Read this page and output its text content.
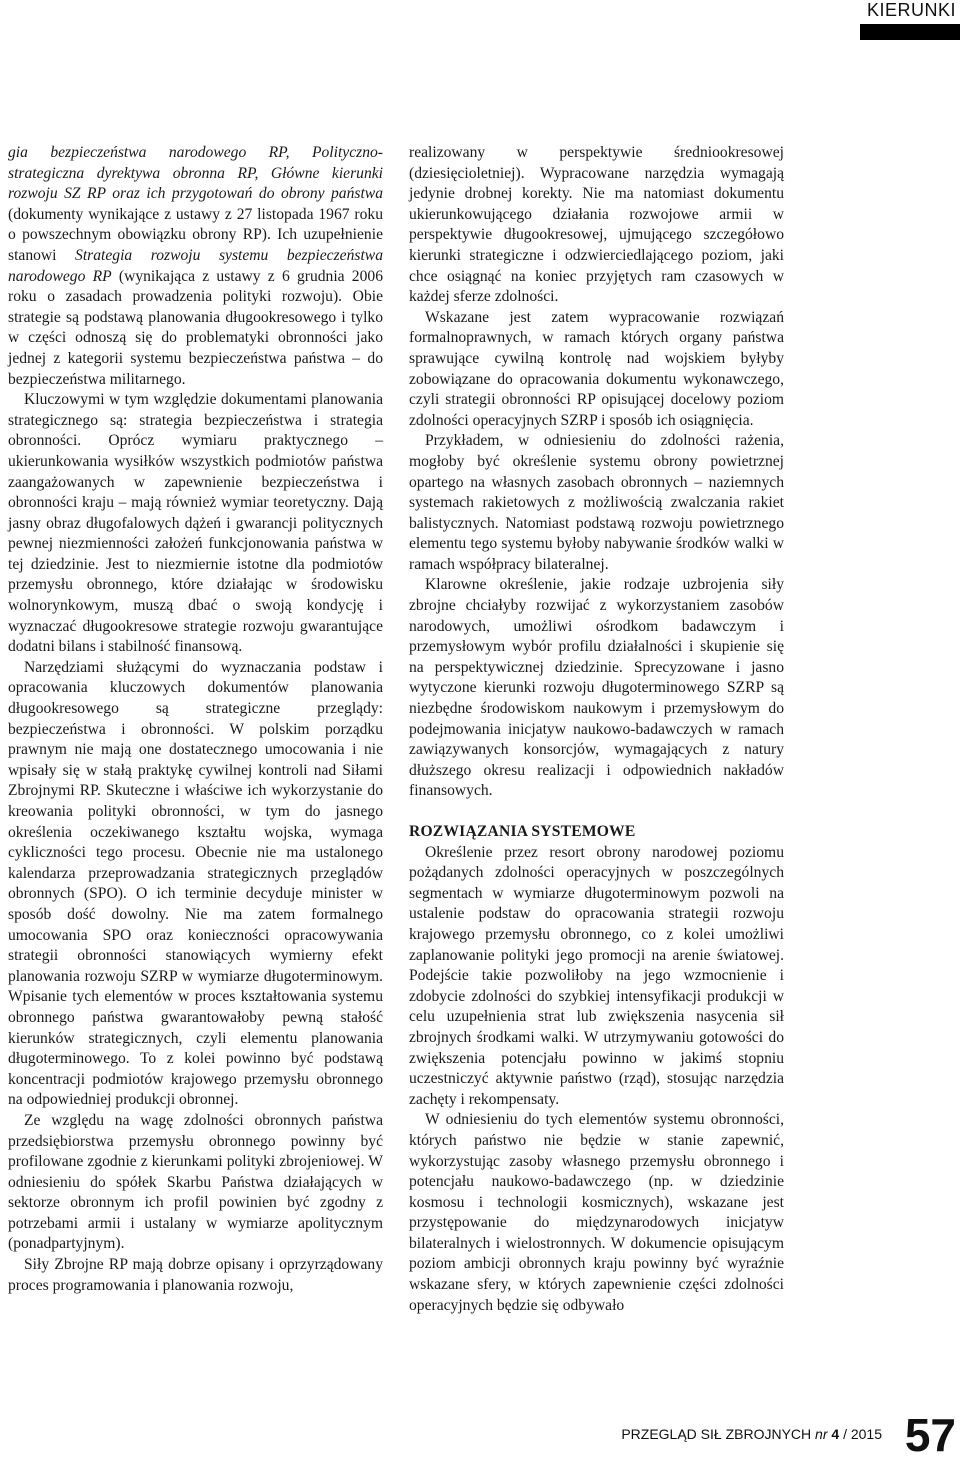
KIERUNKI

gia bezpieczeństwa narodowego RP, Polityczno-strategiczna dyrektywa obronna RP, Główne kierunki rozwoju SZ RP oraz ich przygotowań do obrony państwa (dokumenty wynikające z ustawy z 27 listopada 1967 roku o powszechnym obowiązku obrony RP). Ich uzupełnienie stanowi Strategia rozwoju systemu bezpieczeństwa narodowego RP (wynikająca z ustawy z 6 grudnia 2006 roku o zasadach prowadzenia polityki rozwoju). Obie strategie są podstawą planowania długookresowego i tylko w części odnoszą się do problematyki obronności jako jednej z kategorii systemu bezpieczeństwa państwa – do bezpieczeństwa militarnego.

Kluczowymi w tym względzie dokumentami planowania strategicznego są: strategia bezpieczeństwa i strategia obronności. Oprócz wymiaru praktycznego – ukierunkowania wysiłków wszystkich podmiotów państwa zaangażowanych w zapewnienie bezpieczeństwa i obronności kraju – mają również wymiar teoretyczny. Dają jasny obraz długofalowych dążeń i gwarancji politycznych pewnej niezmienności założeń funkcjonowania państwa w tej dziedzinie. Jest to niezmiernie istotne dla podmiotów przemysłu obronnego, które działając w środowisku wolnorynkowym, muszą dbać o swoją kondycję i wyznaczać długookresowe strategie rozwoju gwarantujące dodatni bilans i stabilność finansową.

Narzędziami służącymi do wyznaczania podstaw i opracowania kluczowych dokumentów planowania długookresowego są strategiczne przeglądy: bezpieczeństwa i obronności. W polskim porządku prawnym nie mają one dostatecznego umocowania i nie wpisały się w stałą praktykę cywilnej kontroli nad Siłami Zbrojnymi RP. Skuteczne i właściwe ich wykorzystanie do kreowania polityki obronności, w tym do jasnego określenia oczekiwanego kształtu wojska, wymaga cykliczności tego procesu. Obecnie nie ma ustalonego kalendarza przeprowadzania strategicznych przeglądów obronnych (SPO). O ich terminie decyduje minister w sposób dość dowolny. Nie ma zatem formalnego umocowania SPO oraz konieczności opracowywania strategii obronności stanowiących wymierny efekt planowania rozwoju SZRP w wymiarze długoterminowym. Wpisanie tych elementów w proces kształtowania systemu obronnego państwa gwarantowałoby pewną stałość kierunków strategicznych, czyli elementu planowania długoterminowego. To z kolei powinno być podstawą koncentracji podmiotów krajowego przemysłu obronnego na odpowiedniej produkcji obronnej.

Ze względu na wagę zdolności obronnych państwa przedsiębiorstwa przemysłu obronnego powinny być profilowane zgodnie z kierunkami polityki zbrojeniowej. W odniesieniu do spółek Skarbu Państwa działających w sektorze obronnym ich profil powinien być zgodny z potrzebami armii i ustalany w wymiarze apolitycznym (ponadpartyjnym).

Siły Zbrojne RP mają dobrze opisany i oprzyrządowany proces programowania i planowania rozwoju,

realizowany w perspektywie średniookresowej (dziesięcioletniej). Wypracowane narzędzia wymagają jedynie drobnej korekty. Nie ma natomiast dokumentu ukierunkowującego działania rozwojowe armii w perspektywie długookresowej, ujmującego szczegółowo kierunki strategiczne i odzwierciedlającego poziom, jaki chce osiągnąć na koniec przyjętych ram czasowych w każdej sferze zdolności.

Wskazane jest zatem wypracowanie rozwiązań formalnoprawnych, w ramach których organy państwa sprawujące cywilną kontrolę nad wojskiem byłyby zobowiązane do opracowania dokumentu wykonawczego, czyli strategii obronności RP opisującej docelowy poziom zdolności operacyjnych SZRP i sposób ich osiągnięcia.

Przykładem, w odniesieniu do zdolności rażenia, mogłoby być określenie systemu obrony powietrznej opartego na własnych zasobach obronnych – naziemnych systemach rakietowych z możliwością zwalczania rakiet balistycznych. Natomiast podstawą rozwoju powietrznego elementu tego systemu byłoby nabywanie środków walki w ramach współpracy bilateralnej.

Klarowne określenie, jakie rodzaje uzbrojenia siły zbrojne chciałyby rozwijać z wykorzystaniem zasobów narodowych, umożliwi ośrodkom badawczym i przemysłowym wybór profilu działalności i skupienie się na perspektywicznej dziedzinie. Sprecyzowane i jasno wytyczone kierunki rozwoju długoterminowego SZRP są niezbędne środowiskom naukowym i przemysłowym do podejmowania inicjatyw naukowo-badawczych w ramach zawiązywanych konsorcjów, wymagających z natury dłuższego okresu realizacji i odpowiednich nakładów finansowych.

ROZWIĄZANIA SYSTEMOWE

Określenie przez resort obrony narodowej poziomu pożądanych zdolności operacyjnych w poszczególnych segmentach w wymiarze długoterminowym pozwoli na ustalenie podstaw do opracowania strategii rozwoju krajowego przemysłu obronnego, co z kolei umożliwi zaplanowanie polityki jego promocji na arenie światowej. Podejście takie pozwoliłoby na jego wzmocnienie i zdobycie zdolności do szybkiej intensyfikacji produkcji w celu uzupełnienia strat lub zwiększenia nasycenia sił zbrojnych środkami walki. W utrzymywaniu gotowości do zwiększenia potencjału powinno w jakimś stopniu uczestniczyć aktywnie państwo (rząd), stosując narzędzia zachęty i rekompensaty.

W odniesieniu do tych elementów systemu obronności, których państwo nie będzie w stanie zapewnić, wykorzystując zasoby własnego przemysłu obronnego i potencjału naukowo-badawczego (np. w dziedzinie kosmosu i technologii kosmicznych), wskazane jest przystępowanie do międzynarodowych inicjatyw bilateralnych i wielostronnych. W dokumencie opisującym poziom ambicji obronnych kraju powinny być wyraźnie wskazane sfery, w których zapewnienie części zdolności operacyjnych będzie się odbywało

PRZEGLĄD SIŁ ZBROJNYCH nr 4 / 2015 57
